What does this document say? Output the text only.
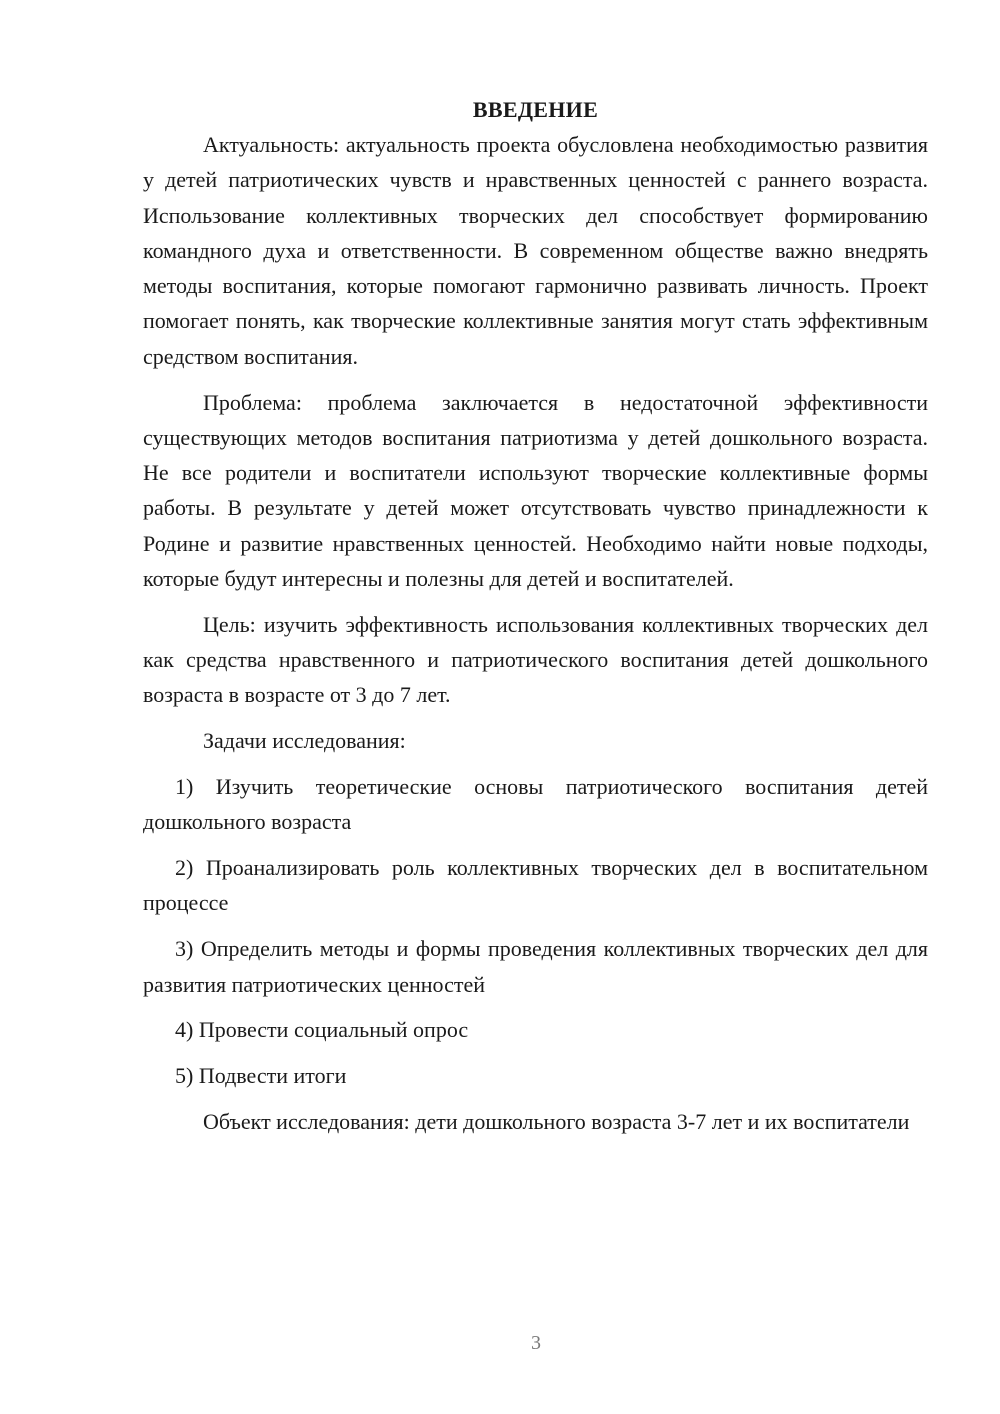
ВВЕДЕНИЕ

Актуальность: актуальность проекта обусловлена необходимостью развития у детей патриотических чувств и нравственных ценностей с раннего возраста. Использование коллективных творческих дел способствует формированию командного духа и ответственности. В современном обществе важно внедрять методы воспитания, которые помогают гармонично развивать личность. Проект помогает понять, как творческие коллективные занятия могут стать эффективным средством воспитания.

Проблема: проблема заключается в недостаточной эффективности существующих методов воспитания патриотизма у детей дошкольного возраста. Не все родители и воспитатели используют творческие коллективные формы работы. В результате у детей может отсутствовать чувство принадлежности к Родине и развитие нравственных ценностей. Необходимо найти новые подходы, которые будут интересны и полезны для детей и воспитателей.

Цель: изучить эффективность использования коллективных творческих дел как средства нравственного и патриотического воспитания детей дошкольного возраста в возрасте от 3 до 7 лет.

Задачи исследования:

1) Изучить теоретические основы патриотического воспитания детей дошкольного возраста

2) Проанализировать роль коллективных творческих дел в воспитательном процессе

3) Определить методы и формы проведения коллективных творческих дел для развития патриотических ценностей

4) Провести социальный опрос

5) Подвести итоги

Объект исследования: дети дошкольного возраста 3-7 лет и их воспитатели

3
